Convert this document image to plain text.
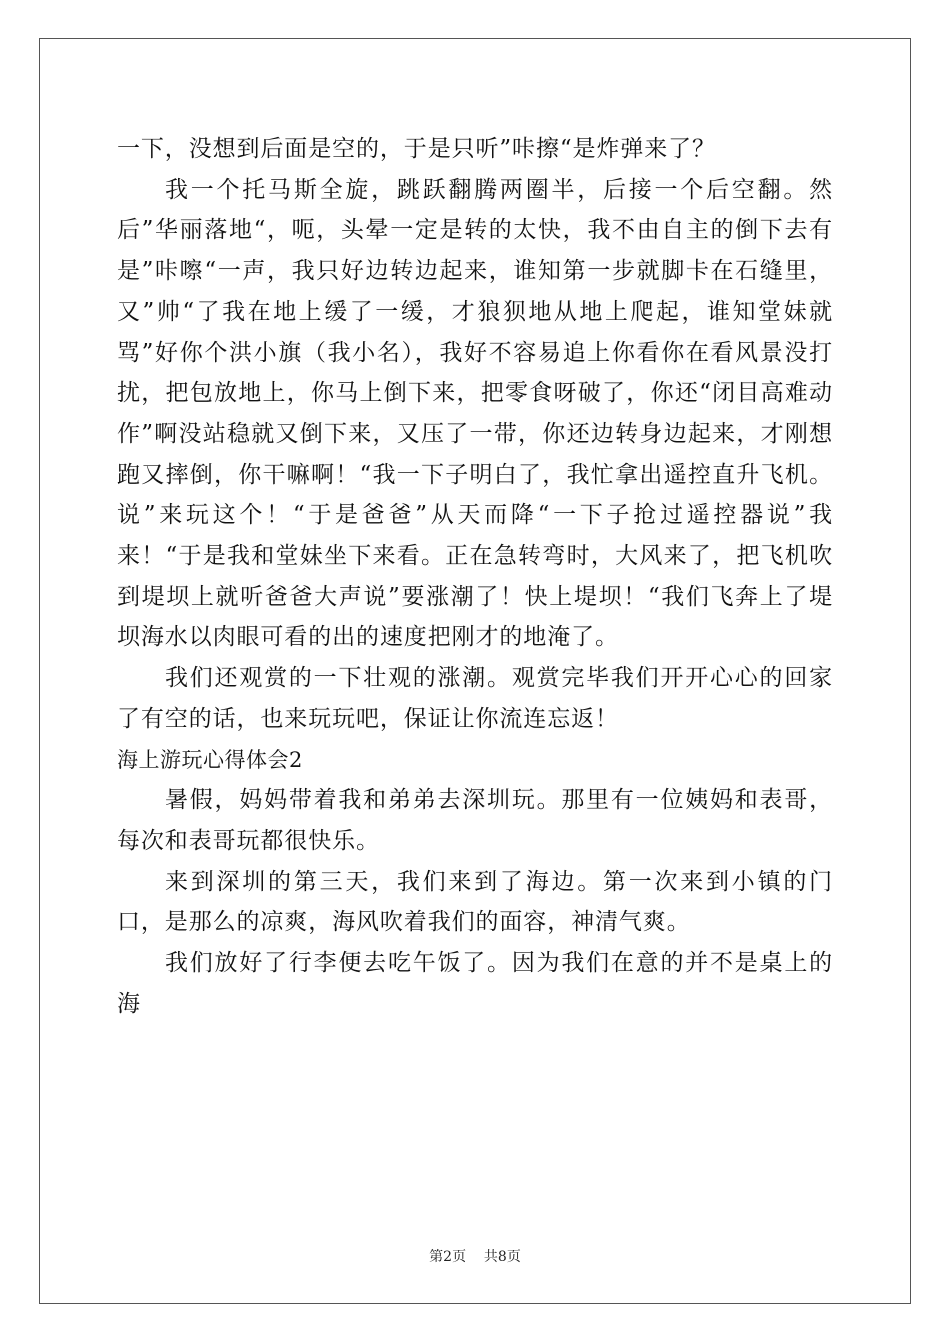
一下，没想到后面是空的，于是只听”咔擦“是炸弹来了？

我一个托马斯全旋，跳跃翻腾两圈半，后接一个后空翻。然后”华丽落地“，呃，头晕一定是转的太快，我不由自主的倒下去有是”咔嚓“一声，我只好边转边起来，谁知第一步就脚卡在石缝里，又”帅“了我在地上缓了一缓，才狼狈地从地上爬起，谁知堂妹就骂”好你个洪小旗（我小名），我好不容易追上你看你在看风景没打扰，把包放地上，你马上倒下来，把零食呀破了，你还“闭目高难动作”啊没站稳就又倒下来，又压了一带，你还边转身边起来，才刚想跑又摔倒，你干嘛啊！“我一下子明白了，我忙拿出遥控直升飞机。说”来玩这个！“于是爸爸”从天而降“一下子抢过遥控器说”我来！“于是我和堂妹坐下来看。正在急转弯时，大风来了，把飞机吹到堤坝上就听爸爸大声说”要涨潮了！快上堤坝！“我们飞奔上了堤坝海水以肉眼可看的出的速度把刚才的地淹了。

我们还观赏的一下壮观的涨潮。观赏完毕我们开开心心的回家了有空的话，也来玩玩吧，保证让你流连忘返！

海上游玩心得体会2

暑假，妈妈带着我和弟弟去深圳玩。那里有一位姨妈和表哥，每次和表哥玩都很快乐。

来到深圳的第三天，我们来到了海边。第一次来到小镇的门口，是那么的凉爽，海风吹着我们的面容，神清气爽。

我们放好了行李便去吃午饭了。因为我们在意的并不是桌上的海

第2页 共8页
